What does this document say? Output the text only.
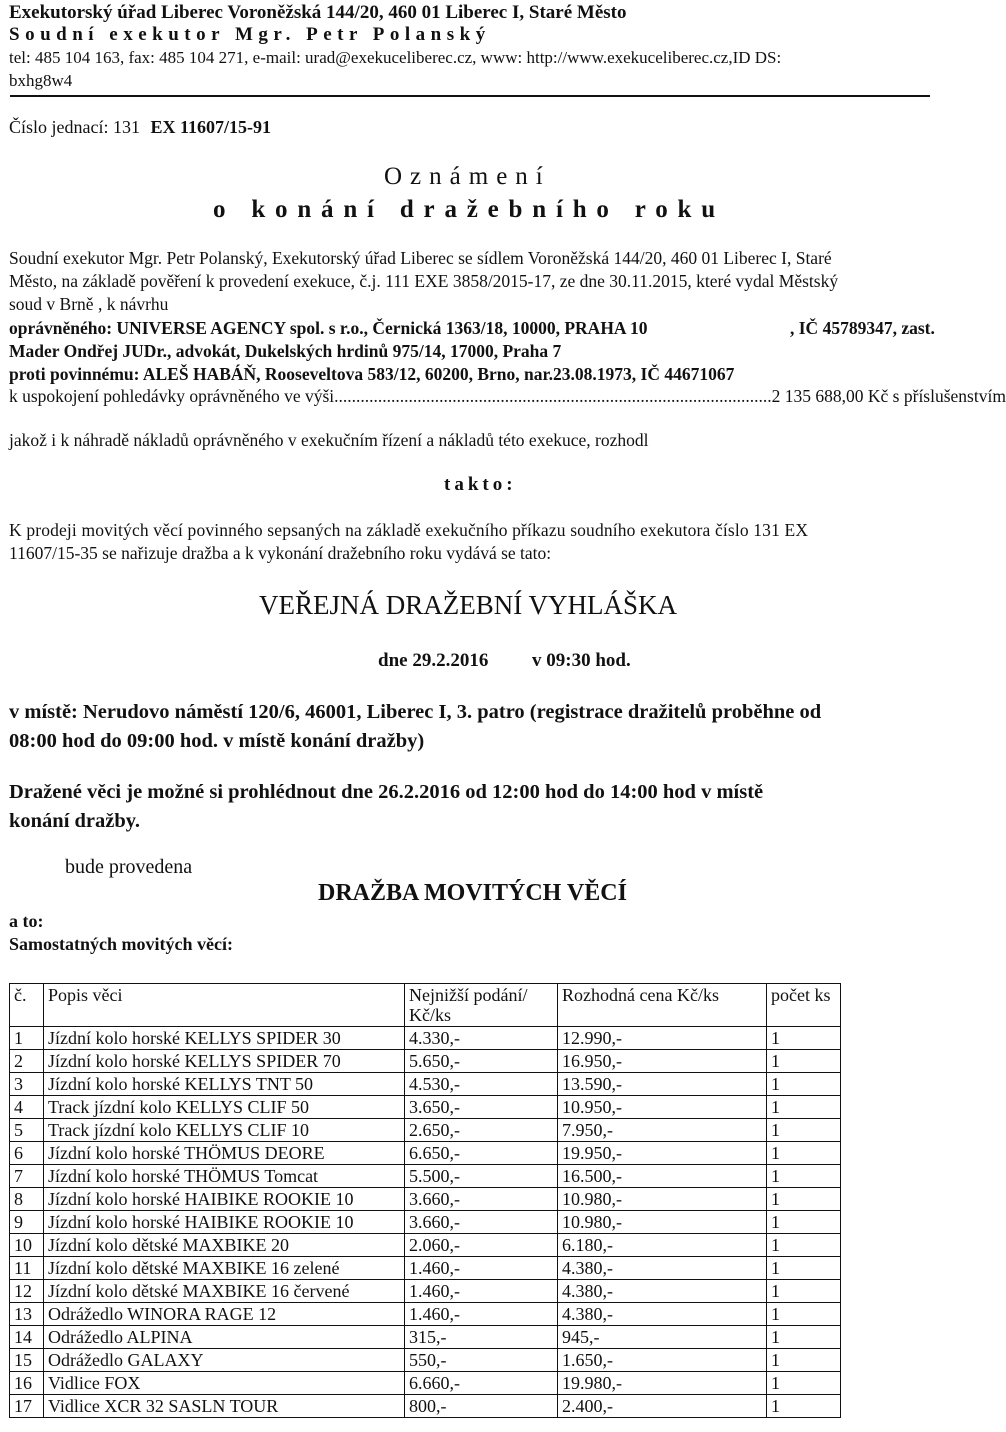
Exekutorský úřad Liberec Voroněžská 144/20, 460 01 Liberec I, Staré Město
Soudní exekutor Mgr. Petr Polanský
tel: 485 104 163, fax: 485 104 271, e-mail: urad@exekuceliberec.cz, www: http://www.exekuceliberec.cz,ID DS:
bxhg8w4
Číslo jednací: 131 EX 11607/15-91
Oznámení
o konání dražebního roku
Soudní exekutor Mgr. Petr Polanský, Exekutorský úřad Liberec se sídlem Voroněžská 144/20, 460 01 Liberec I, Staré
Město, na základě pověření k provedení exekuce, č.j. 111 EXE 3858/2015-17, ze dne 30.11.2015, které vydal Městský
soud v Brně , k návrhu
oprávněného: UNIVERSE AGENCY spol. s r.o., Černická 1363/18, 10000, PRAHA 10	, IČ 45789347, zast.
Mader Ondřej JUDr., advokát, Dukelských hrdinů 975/14, 17000, Praha 7
proti povinnému: ALEŠ HABÁŇ, Rooseveltova 583/12, 60200, Brno, nar.23.08.1973, IČ 44671067
k uspokojení pohledávky oprávněného ve výši .................................................................................................... 2 135 688,00 Kč s příslušenstvím
jakož i k náhradě nákladů oprávněného v exekučním řízení a nákladů této exekuce, rozhodl
takto:
K prodeji movitých věcí povinného sepsaných na základě exekučního příkazu soudního exekutora číslo 131 EX
11607/15-35 se nařizuje dražba a k vykonání dražebního roku vydává se tato:
VEŘEJNÁ DRAŽEBNÍ VYHLÁŠKA
dne 29.2.2016 v 09:30 hod.
v místě: Nerudovo náměstí 120/6, 46001, Liberec I, 3. patro (registrace dražitelů proběhne od
08:00 hod do 09:00 hod. v místě konání dražby)
Dražené věci je možné si prohlédnout dne 26.2.2016 od 12:00 hod do 14:00 hod v místě
konání dražby.
bude provedena
DRAŽBA MOVITÝCH VĚCÍ
a to:
Samostatných movitých věcí:
č.	Popis věci	Nejnižší podání/
Kč/ks	Rozhodná cena Kč/ks	počet ks
1	Jízdní kolo horské KELLYS SPIDER 30	4.330,-	12.990,-	1
2	Jízdní kolo horské KELLYS SPIDER 70	5.650,-	16.950,-	1
3	Jízdní kolo horské KELLYS TNT 50	4.530,-	13.590,-	1
4	Track jízdní kolo KELLYS CLIF 50	3.650,-	10.950,-	1
5	Track jízdní kolo KELLYS CLIF 10	2.650,-	7.950,-	1
6	Jízdní kolo horské THÖMUS DEORE	6.650,-	19.950,-	1
7	Jízdní kolo horské THÖMUS Tomcat	5.500,-	16.500,-	1
8	Jízdní kolo horské HAIBIKE ROOKIE 10	3.660,-	10.980,-	1
9	Jízdní kolo horské HAIBIKE ROOKIE 10	3.660,-	10.980,-	1
10	Jízdní kolo dětské MAXBIKE 20	2.060,-	6.180,-	1
11	Jízdní kolo dětské MAXBIKE 16 zelené	1.460,-	4.380,-	1
12	Jízdní kolo dětské MAXBIKE 16 červené	1.460,-	4.380,-	1
13	Odrážedlo WINORA RAGE 12	1.460,-	4.380,-	1
14	Odrážedlo ALPINA	315,-	945,-	1
15	Odrážedlo GALAXY	550,-	1.650,-	1
16	Vidlice FOX	6.660,-	19.980,-	1
17	Vidlice XCR 32 SASLN TOUR	800,-	2.400,-	1
